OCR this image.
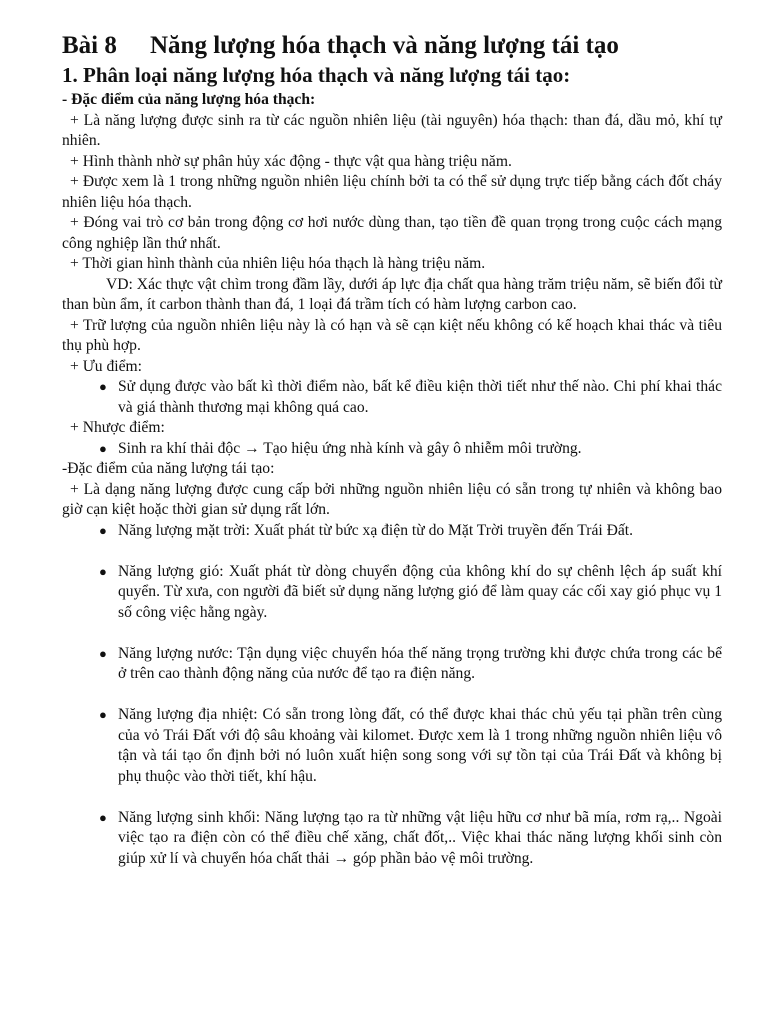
Bài 8 Năng lượng hóa thạch và năng lượng tái tạo
1. Phân loại năng lượng hóa thạch và năng lượng tái tạo:

- Đặc điểm của năng lượng hóa thạch:

+ Là năng lượng được sinh ra từ các nguồn nhiên liệu (tài nguyên) hóa thạch: than đá, dầu mỏ, khí tự nhiên.

+ Hình thành nhờ sự phân hủy xác động - thực vật qua hàng triệu năm.

+ Được xem là 1 trong những nguồn nhiên liệu chính bởi ta có thể sử dụng trực tiếp bằng cách đốt cháy nhiên liệu hóa thạch.

+ Đóng vai trò cơ bản trong động cơ hơi nước dùng than, tạo tiền đề quan trọng trong cuộc cách mạng công nghiệp lần thứ nhất.

+ Thời gian hình thành của nhiên liệu hóa thạch là hàng triệu năm.

VD: Xác thực vật chìm trong đầm lầy, dưới áp lực địa chất qua hàng trăm triệu năm, sẽ biến đổi từ than bùn ẩm, ít carbon thành than đá, 1 loại đá trầm tích có hàm lượng carbon cao.

+ Trữ lượng của nguồn nhiên liệu này là có hạn và sẽ cạn kiệt nếu không có kế hoạch khai thác và tiêu thụ phù hợp.

+ Ưu điểm:

● Sử dụng được vào bất kì thời điểm nào, bất kể điều kiện thời tiết như thế nào. Chi phí khai thác và giá thành thương mại không quá cao.

+ Nhược điểm:

● Sinh ra khí thải độc → Tạo hiệu ứng nhà kính và gây ô nhiễm môi trường.

-Đặc điểm của năng lượng tái tạo:

+ Là dạng năng lượng được cung cấp bởi những nguồn nhiên liệu có sẵn trong tự nhiên và không bao giờ cạn kiệt hoặc thời gian sử dụng rất lớn.

● Năng lượng mặt trời: Xuất phát từ bức xạ điện từ do Mặt Trời truyền đến Trái Đất.
● Năng lượng gió: Xuất phát từ dòng chuyển động của không khí do sự chênh lệch áp suất khí quyển. Từ xưa, con người đã biết sử dụng năng lượng gió để làm quay các cối xay gió phục vụ 1 số công việc hằng ngày.
● Năng lượng nước: Tận dụng việc chuyển hóa thế năng trọng trường khi được chứa trong các bể ở trên cao thành động năng của nước để tạo ra điện năng.
● Năng lượng địa nhiệt: Có sẵn trong lòng đất, có thể được khai thác chủ yếu tại phần trên cùng của vỏ Trái Đất với độ sâu khoảng vài kilomet. Được xem là 1 trong những nguồn nhiên liệu vô tận và tái tạo ổn định bởi nó luôn xuất hiện song song với sự tồn tại của Trái Đất và không bị phụ thuộc vào thời tiết, khí hậu.
● Năng lượng sinh khối: Năng lượng tạo ra từ những vật liệu hữu cơ như bã mía, rơm rạ,.. Ngoài việc tạo ra điện còn có thể điều chế xăng, chất đốt,.. Việc khai thác năng lượng khối sinh còn giúp xử lí và chuyển hóa chất thải → góp phần bảo vệ môi trường.
